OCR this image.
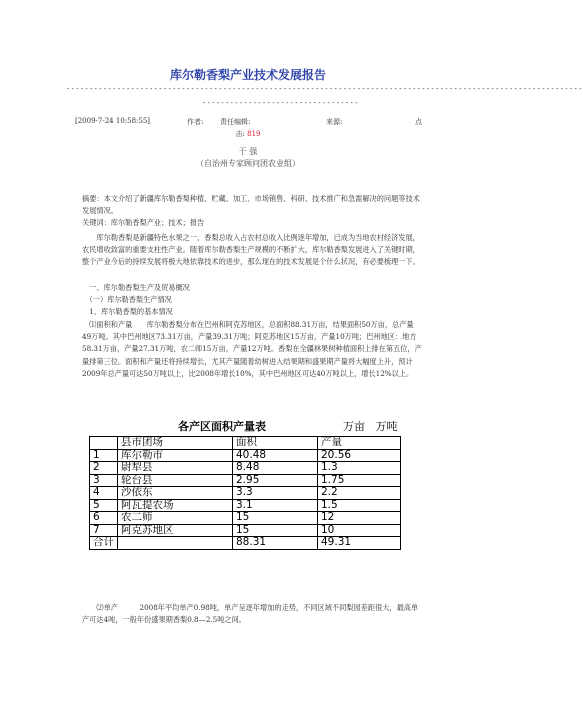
库尔勒香梨产业技术发展报告
----------------------------------------------------------------------------------------------------------------
----------------------------------
[2009-7-24 10:58:55]	作者: 责任编辑:	来源:	点
击: 819
于 强
（自治州专家顾问团农业组）

摘要：本文介绍了新疆库尔勒香梨种植、贮藏、加工、市场销售、科研、技术推广和急需解决的问题等技术发展情况。
关键词：库尔勒香梨产业；技术；报告

　　库尔勒香梨是新疆特色水果之一，香梨总收入占农村总收入比例逐年增加，已成为当地农村经济发展，农民增收致富的重要支柱性产业。随着库尔勒香梨生产规模的不断扩大，库尔勒香梨发展进入了关键时期，整个产业今后的持续发展将极大地依靠技术的进步，那么现在的技术发展是个什么状况，有必要梳理一下。

　一、库尔勒香梨生产及贸易概况
　（一）库尔勒香梨生产情况
　1、库尔勒香梨的基本情况

　⑴面积和产量　　库尔勒香梨分布在巴州和阿克苏地区，总面积88.31万亩，结果面积50万亩，总产量49万吨。其中巴州地区73.31万亩，产量39.31万吨；阿克苏地区15万亩，产量10万吨；巴州地区：地方58.31万亩，产量27.31万吨，农二师15万亩，产量12万吨。香梨在全疆林果树种植面积上排在第五位，产量排第三位。面积和产量还将持续增长，尤其产量随着幼树进入结果期和盛果期产量将大幅度上升，预计2009年总产量可达50万吨以上，比2008年增长10%，其中巴州地区可达40万吨以上，增长12%以上。

各产区面积产量表	万亩 万吨
	县市团场	面积	产量
1	库尔勒市	40.48	20.56
2	尉犁县	8.48	1.3
3	轮台县	2.95	1.75
4	沙依东	3.3	2.2
5	阿瓦提农场	3.1	1.5
6	农二师	15	12
7	阿克苏地区	15	10
合计		88.31	49.31

　　⑵单产　　　2008年平均单产0.98吨，单产呈逐年增加的走势，不同区域不同梨园差距很大，最高单产可达4吨，一般年份盛果期香梨0.8—2.5吨之间。
